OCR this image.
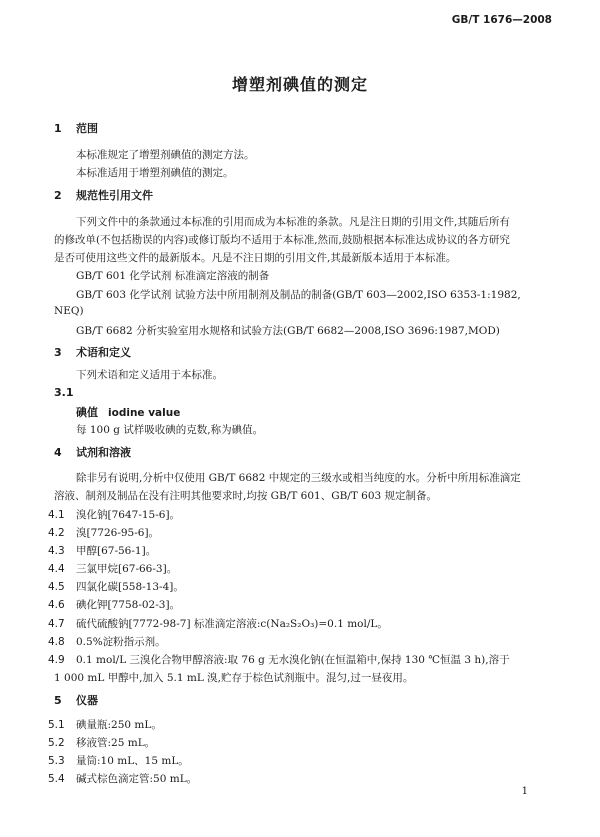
GB/T 1676—2008
增塑剂碘值的测定
1 范围
本标准规定了增塑剂碘值的测定方法。
本标准适用于增塑剂碘值的测定。
2 规范性引用文件
下列文件中的条款通过本标准的引用而成为本标准的条款。凡是注日期的引用文件,其随后所有
的修改单(不包括勘误的内容)或修订版均不适用于本标准,然而,鼓励根据本标准达成协议的各方研究
是否可使用这些文件的最新版本。凡是不注日期的引用文件,其最新版本适用于本标准。
GB/T 601 化学试剂 标准滴定溶液的制备
GB/T 603 化学试剂 试验方法中所用制剂及制品的制备(GB/T 603—2002,ISO 6353-1:1982,
NEQ)
GB/T 6682 分析实验室用水规格和试验方法(GB/T 6682—2008,ISO 3696:1987,MOD)
3 术语和定义
下列术语和定义适用于本标准。
3.1
碘值 iodine value
每 100 g 试样吸收碘的克数,称为碘值。
4 试剂和溶液
除非另有说明,分析中仅使用 GB/T 6682 中规定的三级水或相当纯度的水。分析中所用标准滴定
溶液、制剂及制品在没有注明其他要求时,均按 GB/T 601、GB/T 603 规定制备。
4.1 溴化钠[7647-15-6]。
4.2 溴[7726-95-6]。
4.3 甲醇[67-56-1]。
4.4 三氯甲烷[67-66-3]。
4.5 四氯化碳[558-13-4]。
4.6 碘化钾[7758-02-3]。
4.7 硫代硫酸钠[7772-98-7] 标准滴定溶液:c(Na₂S₂O₃)=0.1 mol/L。
4.8 0.5%淀粉指示剂。
4.9 0.1 mol/L 三溴化合物甲醇溶液:取 76 g 无水溴化钠(在恒温箱中,保持 130 ℃恒温 3 h),溶于
1 000 mL 甲醇中,加入 5.1 mL 溴,贮存于棕色试剂瓶中。混匀,过一昼夜用。
5 仪器
5.1 碘量瓶:250 mL。
5.2 移液管:25 mL。
5.3 量筒:10 mL、15 mL。
5.4 碱式棕色滴定管:50 mL。
1
